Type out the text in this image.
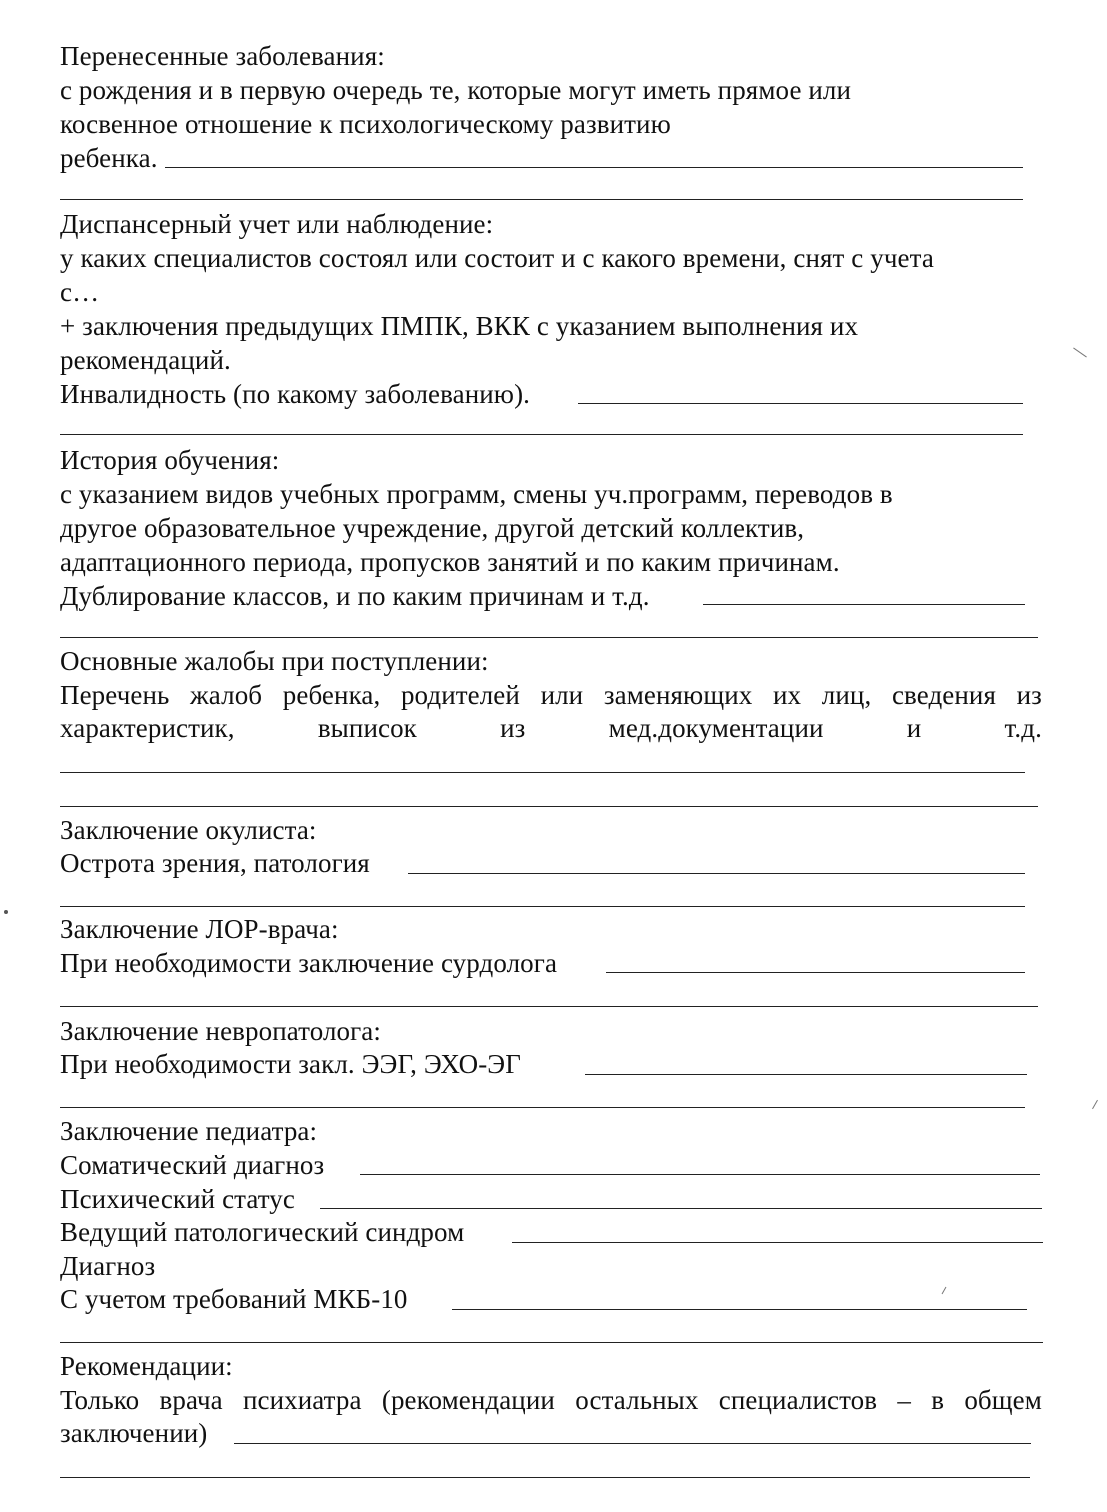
Перенесенные заболевания:
с рождения и в первую очередь те, которые могут иметь прямое или
косвенное отношение к психологическому развитию
ребенка.
Диспансерный учет или наблюдение:
у каких специалистов состоял или состоит и с какого времени, снят с учета
с…
+ заключения предыдущих ПМПК, ВКК с указанием выполнения их
рекомендаций.
Инвалидность (по какому заболеванию).
История обучения:
с указанием видов учебных программ, смены уч.программ, переводов в
другое образовательное учреждение, другой детский коллектив,
адаптационного периода, пропусков занятий и по каким причинам.
Дублирование классов, и по каким причинам и т.д.
Основные жалобы при поступлении:
Перечень жалоб ребенка, родителей или заменяющих их лиц, сведения из
характеристик,	выписок	из	мед.документации	и	т.д.
Заключение окулиста:
Острота зрения, патология
Заключение ЛОР-врача:
При необходимости заключение сурдолога
Заключение невропатолога:
При необходимости закл. ЭЭГ, ЭХО-ЭГ
Заключение педиатра:
Соматический диагноз
Психический статус
Ведущий патологический синдром
Диагноз
С учетом требований МКБ-10
Рекомендации:
Только врача психиатра (рекомендации остальных специалистов – в общем
заключении)
